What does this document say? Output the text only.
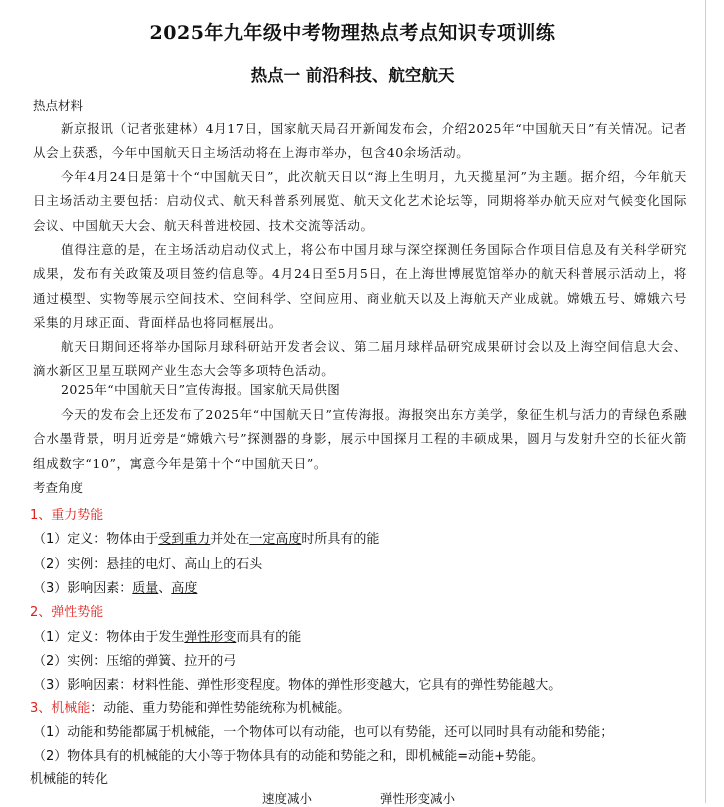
2025年九年级中考物理热点考点知识专项训练
热点一 前沿科技、航空航天
热点材料
新京报讯（记者张建林）4月17日，国家航天局召开新闻发布会，介绍2025年“中国航天日”有关情况。记者从会上获悉，今年中国航天日主场活动将在上海市举办，包含40余场活动。
今年4月24日是第十个“中国航天日”，此次航天日以“海上生明月，九天揽星河”为主题。据介绍，今年航天日主场活动主要包括：启动仪式、航天科普系列展览、航天文化艺术论坛等，同期将举办航天应对气候变化国际会议、中国航天大会、航天科普进校园、技术交流等活动。
值得注意的是，在主场活动启动仪式上，将公布中国月球与深空探测任务国际合作项目信息及有关科学研究成果，发布有关政策及项目签约信息等。4月24日至5月5日，在上海世博展览馆举办的航天科普展示活动上，将通过模型、实物等展示空间技术、空间科学、空间应用、商业航天以及上海航天产业成就。嫦娥五号、嫦娥六号采集的月球正面、背面样品也将同框展出。
航天日期间还将举办国际月球科研站开发者会议、第二届月球样品研究成果研讨会以及上海空间信息大会、滴水新区卫星互联网产业生态大会等多项特色活动。
2025年“中国航天日”宣传海报。国家航天局供图
今天的发布会上还发布了2025年“中国航天日”宣传海报。海报突出东方美学，象征生机与活力的青绿色系融合水墨背景，明月近旁是“嫦娥六号”探测器的身影，展示中国探月工程的丰硕成果，圆月与发射升空的长征火箭组成数字“10”，寓意今年是第十个“中国航天日”。
考查角度
1、重力势能
（1）定义：物体由于受到重力并处在一定高度时所具有的能
（2）实例：悬挂的电灯、高山上的石头
（3）影响因素：质量、高度
2、弹性势能
（1）定义：物体由于发生弹性形变而具有的能
（2）实例：压缩的弹簧、拉开的弓
（3）影响因素：材料性能、弹性形变程度。物体的弹性形变越大，它具有的弹性势能越大。
3、机械能：动能、重力势能和弹性势能统称为机械能。
（1）动能和势能都属于机械能，一个物体可以有动能，也可以有势能，还可以同时具有动能和势能；
（2）物体具有的机械能的大小等于物体具有的动能和势能之和，即机械能=动能+势能。
机械能的转化
速度减小	弹性形变减小
